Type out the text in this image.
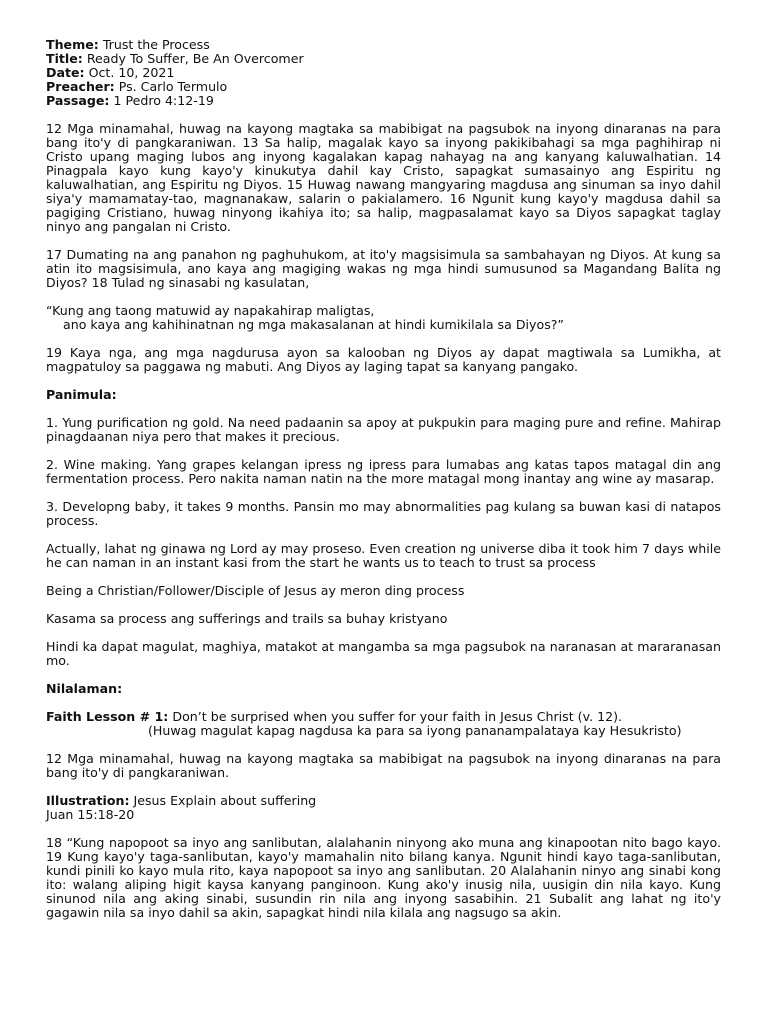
Theme: Trust the Process
Title: Ready To Suffer, Be An Overcomer
Date: Oct. 10, 2021
Preacher: Ps. Carlo Termulo
Passage: 1 Pedro 4:12-19

12 Mga minamahal, huwag na kayong magtaka sa mabibigat na pagsubok na inyong dinaranas na para bang ito'y di pangkaraniwan. 13 Sa halip, magalak kayo sa inyong pakikibahagi sa mga paghihirap ni Cristo upang maging lubos ang inyong kagalakan kapag nahayag na ang kanyang kaluwalhatian. 14 Pinagpala kayo kung kayo'y kinukutya dahil kay Cristo, sapagkat sumasainyo ang Espiritu ng kaluwalhatian, ang Espiritu ng Diyos. 15 Huwag nawang mangyaring magdusa ang sinuman sa inyo dahil siya'y mamamatay-tao, magnanakaw, salarin o pakialamero. 16 Ngunit kung kayo'y magdusa dahil sa pagiging Cristiano, huwag ninyong ikahiya ito; sa halip, magpasalamat kayo sa Diyos sapagkat taglay ninyo ang pangalan ni Cristo.

17 Dumating na ang panahon ng paghuhukom, at ito'y magsisimula sa sambahayan ng Diyos. At kung sa atin ito magsisimula, ano kaya ang magiging wakas ng mga hindi sumusunod sa Magandang Balita ng Diyos? 18 Tulad ng sinasabi ng kasulatan,

“Kung ang taong matuwid ay napakahirap maligtas,
ano kaya ang kahihinatnan ng mga makasalanan at hindi kumikilala sa Diyos?”

19 Kaya nga, ang mga nagdurusa ayon sa kalooban ng Diyos ay dapat magtiwala sa Lumikha, at magpatuloy sa paggawa ng mabuti. Ang Diyos ay laging tapat sa kanyang pangako.

Panimula:

1. Yung purification ng gold. Na need padaanin sa apoy at pukpukin para maging pure and refine. Mahirap pinagdaanan niya pero that makes it precious.

2. Wine making. Yang grapes kelangan ipress ng ipress para lumabas ang katas tapos matagal din ang fermentation process. Pero nakita naman natin na the more matagal mong inantay ang wine ay masarap.

3. Developng baby, it takes 9 months. Pansin mo may abnormalities pag kulang sa buwan kasi di natapos process.

Actually, lahat ng ginawa ng Lord ay may proseso. Even creation ng universe diba it took him 7 days while he can naman in an instant kasi from the start he wants us to teach to trust sa process

Being a Christian/Follower/Disciple of Jesus ay meron ding process

Kasama sa process ang sufferings and trails sa buhay kristyano

Hindi ka dapat magulat, maghiya, matakot at mangamba sa mga pagsubok na naranasan at mararanasan mo.

Nilalaman:
Faith Lesson # 1: Don’t be surprised when you suffer for your faith in Jesus Christ (v. 12).

(Huwag magulat kapag nagdusa ka para sa iyong pananampalataya kay Hesukristo)

12 Mga minamahal, huwag na kayong magtaka sa mabibigat na pagsubok na inyong dinaranas na para bang ito'y di pangkaraniwan.

Illustration: Jesus Explain about suffering
Juan 15:18-20

18 “Kung napopoot sa inyo ang sanlibutan, alalahanin ninyong ako muna ang kinapootan nito bago kayo. 19 Kung kayo'y taga-sanlibutan, kayo'y mamahalin nito bilang kanya. Ngunit hindi kayo taga-sanlibutan, kundi pinili ko kayo mula rito, kaya napopoot sa inyo ang sanlibutan. 20 Alalahanin ninyo ang sinabi kong ito: walang aliping higit kaysa kanyang panginoon. Kung ako'y inusig nila, uusigin din nila kayo. Kung sinunod nila ang aking sinabi, susundin rin nila ang inyong sasabihin. 21 Subalit ang lahat ng ito'y gagawin nila sa inyo dahil sa akin, sapagkat hindi nila kilala ang nagsugo sa akin.
